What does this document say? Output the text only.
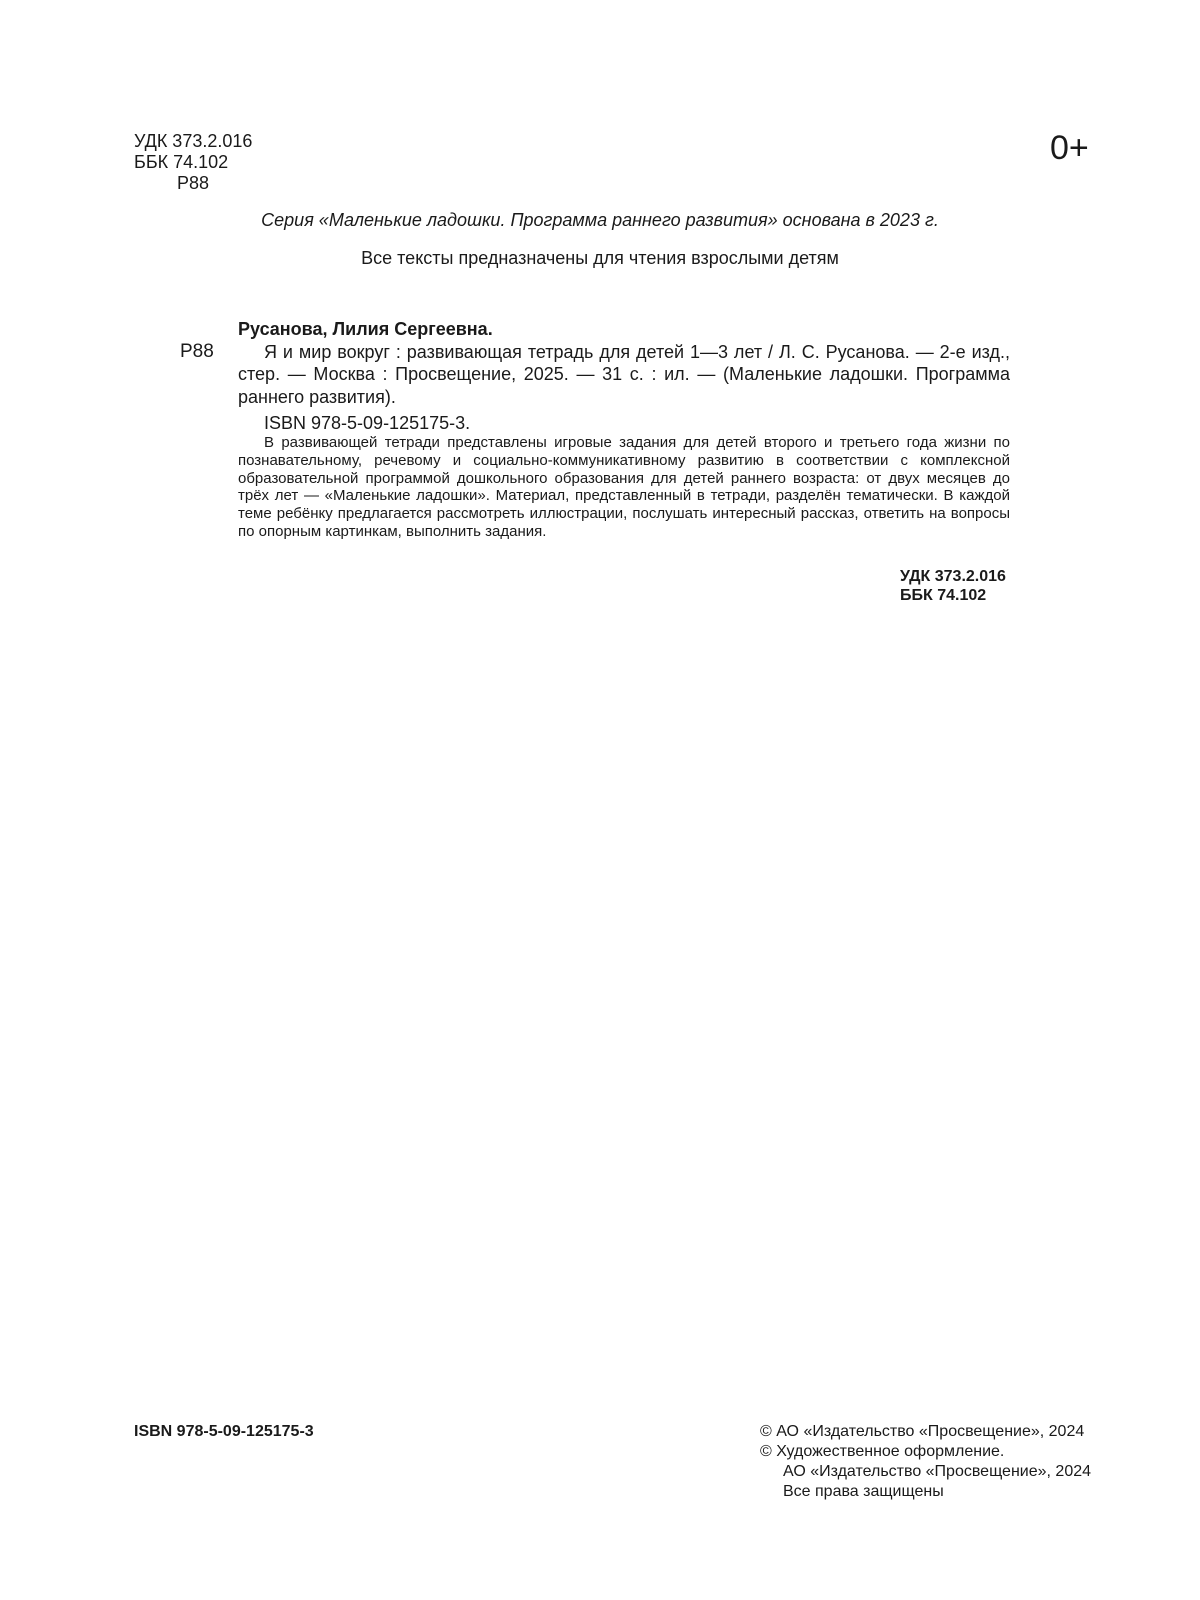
УДК 373.2.016
ББК 74.102
Р88
0+
Серия «Маленькие ладошки. Программа раннего развития» основана в 2023 г.
Все тексты предназначены для чтения взрослыми детям
Р88
Русанова, Лилия Сергеевна.
Я и мир вокруг : развивающая тетрадь для детей 1—3 лет / Л. С. Русанова. — 2-е изд., стер. — Москва : Просвещение, 2025. — 31 с. : ил. — (Маленькие ладошки. Программа раннего развития).
ISBN 978-5-09-125175-3.
В развивающей тетради представлены игровые задания для детей второго и третьего года жизни по познавательному, речевому и социально-коммуникативному развитию в соответствии с комплексной образовательной программой дошкольного образования для детей раннего возраста: от двух месяцев до трёх лет — «Маленькие ладошки». Материал, представленный в тетради, разделён тематически. В каждой теме ребёнку предлагается рассмотреть иллюстрации, послушать интересный рассказ, ответить на вопросы по опорным картинкам, выполнить задания.
УДК 373.2.016
ББК 74.102
ISBN 978-5-09-125175-3	© АО «Издательство «Просвещение», 2024
© Художественное оформление.
АО «Издательство «Просвещение», 2024
Все права защищены
